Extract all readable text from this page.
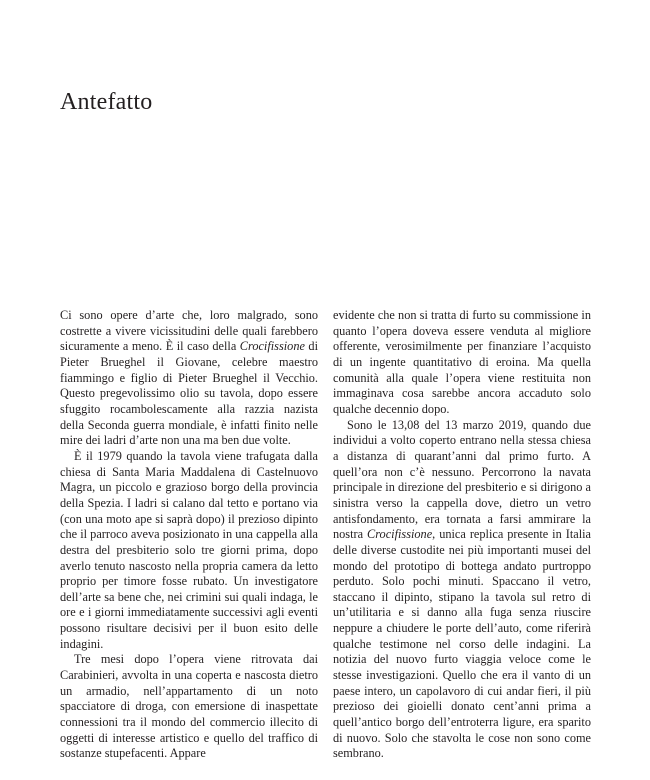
Antefatto

Ci sono opere d’arte che, loro malgrado, sono costrette a vivere vicissitudini delle quali farebbero sicuramente a meno. È il caso della Crocifissione di Pieter Brueghel il Giovane, celebre maestro fiammingo e figlio di Pieter Brueghel il Vecchio. Questo pregevolissimo olio su tavola, dopo essere sfuggito rocambolescamente alla razzia nazista della Seconda guerra mondiale, è infatti finito nelle mire dei ladri d’arte non una ma ben due volte.

È il 1979 quando la tavola viene trafugata dalla chiesa di Santa Maria Maddalena di Castelnuovo Magra, un piccolo e grazioso borgo della provincia della Spezia. I ladri si calano dal tetto e portano via (con una moto ape si saprà dopo) il prezioso dipinto che il parroco aveva posizionato in una cappella alla destra del presbiterio solo tre giorni prima, dopo averlo tenuto nascosto nella propria camera da letto proprio per timore fosse rubato. Un investigatore dell’arte sa bene che, nei crimini sui quali indaga, le ore e i giorni immediatamente successivi agli eventi possono risultare decisivi per il buon esito delle indagini.

Tre mesi dopo l’opera viene ritrovata dai Carabinieri, avvolta in una coperta e nascosta dietro un armadio, nell’appartamento di un noto spacciatore di droga, con emersione di inaspettate connessioni tra il mondo del commercio illecito di oggetti di interesse artistico e quello del traffico di sostanze stupefacenti. Appare

evidente che non si tratta di furto su commissione in quanto l’opera doveva essere venduta al migliore offerente, verosimilmente per finanziare l’acquisto di un ingente quantitativo di eroina. Ma quella comunità alla quale l’opera viene restituita non immaginava cosa sarebbe ancora accaduto solo qualche decennio dopo.

Sono le 13,08 del 13 marzo 2019, quando due individui a volto coperto entrano nella stessa chiesa a distanza di quarant’anni dal primo furto. A quell’ora non c’è nessuno. Percorrono la navata principale in direzione del presbiterio e si dirigono a sinistra verso la cappella dove, dietro un vetro antisfondamento, era tornata a farsi ammirare la nostra Crocifissione, unica replica presente in Italia delle diverse custodite nei più importanti musei del mondo del prototipo di bottega andato purtroppo perduto. Solo pochi minuti. Spaccano il vetro, staccano il dipinto, stipano la tavola sul retro di un’utilitaria e si danno alla fuga senza riuscire neppure a chiudere le porte dell’auto, come riferirà qualche testimone nel corso delle indagini. La notizia del nuovo furto viaggia veloce come le stesse investigazioni. Quello che era il vanto di un paese intero, un capolavoro di cui andar fieri, il più prezioso dei gioielli donato cent’anni prima a quell’antico borgo dell’entroterra ligure, era sparito di nuovo. Solo che stavolta le cose non sono come sembrano.
